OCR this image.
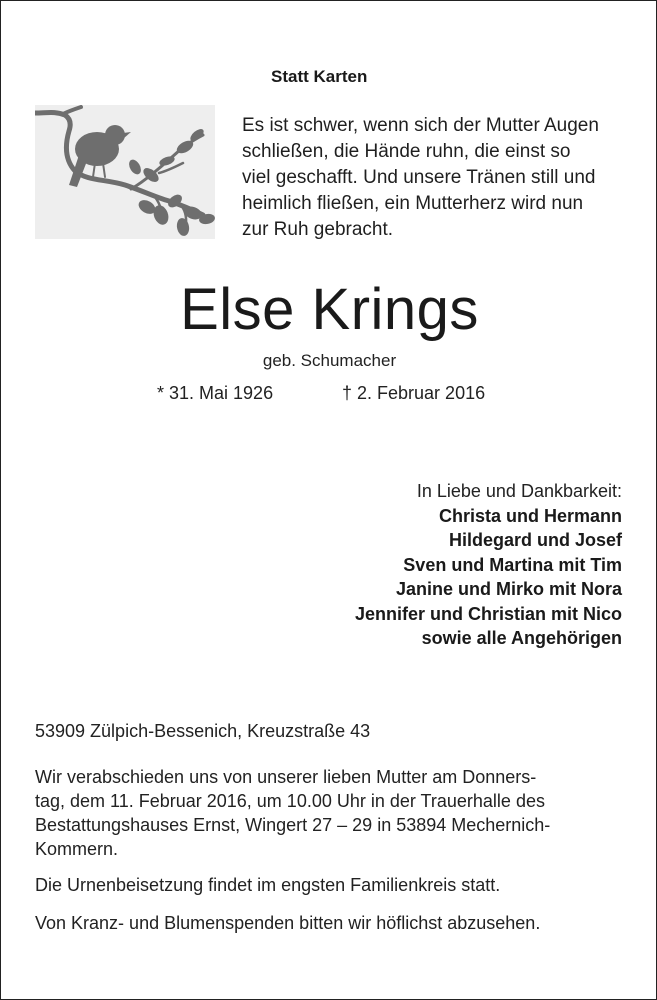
Statt Karten
Es ist schwer, wenn sich der Mutter Augen
schließen, die Hände ruhn, die einst so
viel geschafft. Und unsere Tränen still und
heimlich fließen, ein Mutterherz wird nun
zur Ruh gebracht.
Else Krings
geb. Schumacher
* 31. Mai 1926	† 2. Februar 2016
In Liebe und Dankbarkeit:
Christa und Hermann
Hildegard und Josef
Sven und Martina mit Tim
Janine und Mirko mit Nora
Jennifer und Christian mit Nico
sowie alle Angehörigen
53909 Zülpich-Bessenich, Kreuzstraße 43
Wir verabschieden uns von unserer lieben Mutter am Donners-
tag, dem 11. Februar 2016, um 10.00 Uhr in der Trauerhalle des
Bestattungshauses Ernst, Wingert 27 – 29 in 53894 Mechernich-
Kommern.
Die Urnenbeisetzung findet im engsten Familienkreis statt.
Von Kranz- und Blumenspenden bitten wir höflichst abzusehen.
